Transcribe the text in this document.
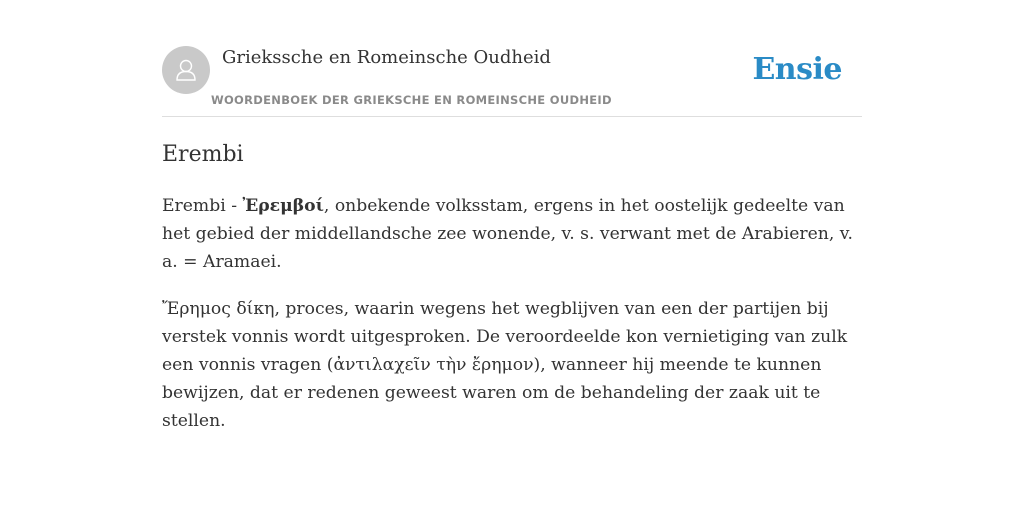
Griekssche en Romeinsche Oudheid
WOORDENBOEK DER GRIEKSCHE EN ROMEINSCHE OUDHEID
Ensie
Erembi

Erembi - Ἐρεμβοί, onbekende volksstam, ergens in het oostelijk gedeelte van het gebied der middellandsche zee wonende, v. s. verwant met de Arabieren, v. a. = Aramaei.

Ἔρημος δίκη, proces, waarin wegens het wegblijven van een der partijen bij verstek vonnis wordt uitgesproken. De veroordeelde kon vernietiging van zulk een vonnis vragen (ἀντιλαχεῖν τὴν ἔρημον), wanneer hij meende te kunnen bewijzen, dat er redenen geweest waren om de behandeling der zaak uit te stellen.
